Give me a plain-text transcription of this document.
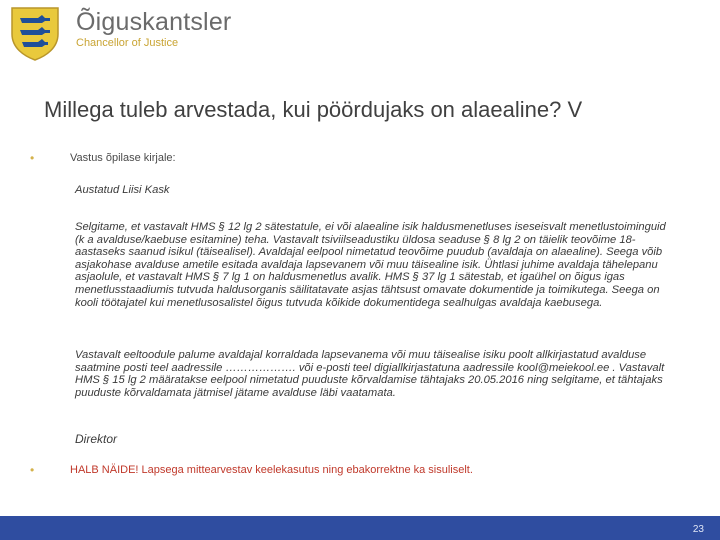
Õiguskantsler
Chancellor of Justice
Millega tuleb arvestada, kui pöördujaks on alaealine? V
•	Vastus õpilase kirjale:
Austatud Liisi Kask
Selgitame, et vastavalt HMS § 12 lg 2 sätestatule, ei või alaealine isik haldusmenetluses iseseisvalt menetlustoiminguid (k a avalduse/kaebuse esitamine) teha. Vastavalt tsiviilseadustiku üldosa seaduse § 8 lg 2 on täielik teovõime 18-aastaseks saanud isikul (täisealisel). Avaldajal eelpool nimetatud teovõime puudub (avaldaja on alaealine). Seega võib asjakohase avalduse ametile esitada avaldaja lapsevanem või muu täisealine isik. Ühtlasi juhime avaldaja tähelepanu asjaolule, et vastavalt HMS § 7 lg 1 on haldusmenetlus avalik. HMS § 37 lg 1 sätestab, et igaühel on õigus igas menetlusstaadiumis tutvuda haldusorganis säilitatavate asjas tähtsust omavate dokumentide ja toimikutega. Seega on kooli töötajatel kui menetlusosalistel õigus tutvuda kõikide dokumentidega sealhulgas avaldaja kaebusega.
Vastavalt eeltoodule palume avaldajal korraldada lapsevanema või muu täisealise isiku poolt allkirjastatud avalduse saatmine posti teel aadressile ………………. või e-posti teel digiallkirjastatuna aadressile kool@meiekool.ee . Vastavalt HMS § 15 lg 2 määratakse eelpool nimetatud puuduste kõrvaldamise tähtajaks 20.05.2016 ning selgitame, et tähtajaks puuduste kõrvaldamata jätmisel jätame avalduse läbi vaatamata.
Direktor
•	HALB NÄIDE! Lapsega mittearvestav keelekasutus ning ebakorrektne ka sisuliselt.
23
